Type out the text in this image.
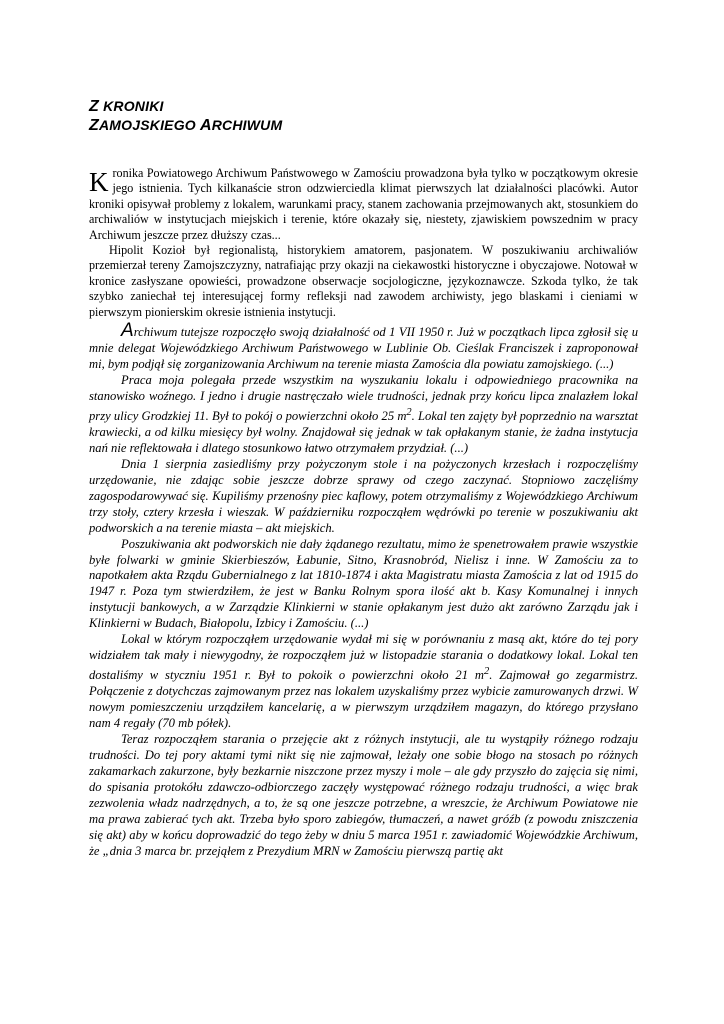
Z KRONIKI
ZAMOJSKIEGO ARCHIWUM

Kronika Powiatowego Archiwum Państwowego w Zamościu prowadzona była tylko w początkowym okresie jego istnienia. Tych kilkanaście stron odzwierciedla klimat pierwszych lat działalności placówki. Autor kroniki opisywał problemy z lokalem, warunkami pracy, stanem zachowania przejmowanych akt, stosunkiem do archiwaliów w instytucjach miejskich i terenie, które okazały się, niestety, zjawiskiem powszednim w pracy Archiwum jeszcze przez dłuższy czas...

Hipolit Kozioł był regionalistą, historykiem amatorem, pasjonatem. W poszukiwaniu archiwaliów przemierzał tereny Zamojszczyzny, natrafiając przy okazji na ciekawostki historyczne i obyczajowe. Notował w kronice zasłyszane opowieści, prowadzone obserwacje socjologiczne, językoznawcze. Szkoda tylko, że tak szybko zaniechał tej interesującej formy refleksji nad zawodem archiwisty, jego blaskami i cieniami w pierwszym pionierskim okresie istnienia instytucji.

Archiwum tutejsze rozpoczęło swoją działalność od 1 VII 1950 r. Już w początkach lipca zgłosił się u mnie delegat Wojewódzkiego Archiwum Państwowego w Lublinie Ob. Cieślak Franciszek i zaproponował mi, bym podjął się zorganizowania Archiwum na terenie miasta Zamościa dla powiatu zamojskiego. (...)

Praca moja polegała przede wszystkim na wyszukaniu lokalu i odpowiedniego pracownika na stanowisko woźnego. I jedno i drugie nastręczało wiele trudności, jednak przy końcu lipca znalazłem lokal przy ulicy Grodzkiej 11. Był to pokój o powierzchni około 25 $m^2$. Lokal ten zajęty był poprzednio na warsztat krawiecki, a od kilku miesięcy był wolny. Znajdował się jednak w tak opłakanym stanie, że żadna instytucja nań nie reflektowała i dlatego stosunkowo łatwo otrzymałem przydział. (...)

Dnia 1 sierpnia zasiedliśmy przy pożyczonym stole i na pożyczonych krzesłach i rozpoczęliśmy urzędowanie, nie zdając sobie jeszcze dobrze sprawy od czego zaczynać. Stopniowo zaczęliśmy zagospodarowywać się. Kupiliśmy przenośny piec kaflowy, potem otrzymaliśmy z Wojewódzkiego Archiwum trzy stoły, cztery krzesła i wieszak. W październiku rozpocząłem wędrówki po terenie w poszukiwaniu akt podworskich a na terenie miasta – akt miejskich.

Poszukiwania akt podworskich nie dały żądanego rezultatu, mimo że spenetrowałem prawie wszystkie byłe folwarki w gminie Skierbieszów, Łabunie, Sitno, Krasnobród, Nielisz i inne. W Zamościu za to napotkałem akta Rządu Gubernialnego z lat 1810-1874 i akta Magistratu miasta Zamościa z lat od 1915 do 1947 r. Poza tym stwierdziłem, że jest w Banku Rolnym spora ilość akt b. Kasy Komunalnej i innych instytucji bankowych, a w Zarządzie Klinkierni w stanie opłakanym jest dużo akt zarówno Zarządu jak i Klinkierni w Budach, Białopolu, Izbicy i Zamościu. (...)

Lokal w którym rozpocząłem urzędowanie wydał mi się w porównaniu z masą akt, które do tej pory widziałem tak mały i niewygodny, że rozpocząłem już w listopadzie starania o dodatkowy lokal. Lokal ten dostaliśmy w styczniu 1951 r. Był to pokoik o powierzchni około 21 $m^2$. Zajmował go zegarmistrz. Połączenie z dotychczas zajmowanym przez nas lokalem uzyskaliśmy przez wybicie zamurowanych drzwi. W nowym pomieszczeniu urządziłem kancelarię, a w pierwszym urządziłem magazyn, do którego przysłano nam 4 regały (70 mb półek).

Teraz rozpocząłem starania o przejęcie akt z różnych instytucji, ale tu wystąpiły różnego rodzaju trudności. Do tej pory aktami tymi nikt się nie zajmował, leżały one sobie błogo na stosach po różnych zakamarkach zakurzone, były bezkarnie niszczone przez myszy i mole – ale gdy przyszło do zajęcia się nimi, do spisania protokółu zdawczo-odbiorczego zaczęły występować różnego rodzaju trudności, a więc brak zezwolenia władz nadrzędnych, a to, że są one jeszcze potrzebne, a wreszcie, że Archiwum Powiatowe nie ma prawa zabierać tych akt. Trzeba było sporo zabiegów, tłumaczeń, a nawet gróźb (z powodu zniszczenia się akt) aby w końcu doprowadzić do tego żeby w dniu 5 marca 1951 r. zawiadomić Wojewódzkie Archiwum, że „dnia 3 marca br. przejąłem z Prezydium MRN w Zamościu pierwszą partię akt
